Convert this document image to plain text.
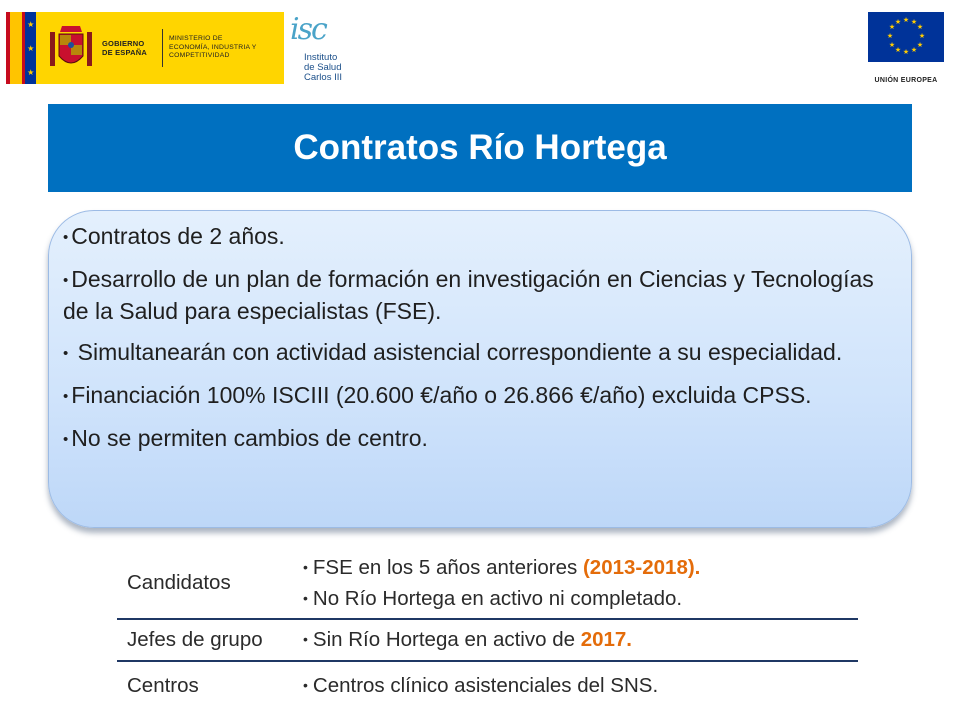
★
★
★
GOBIERNO DE ESPAÑA
MINISTERIO DE ECONOMÍA, INDUSTRIA Y COMPETITIVIDAD
isc
Instituto
de Salud
Carlos III
★ ★
★
★
★
★
★
★
★
★
★
★
UNIÓN EUROPEA
Contratos Río Hortega
• Contratos de 2 años.
• Desarrollo de un plan de formación en investigación en Ciencias y Tecnologías de la Salud para especialistas (FSE).
• Simultanearán con actividad asistencial correspondiente a su especialidad.
• Financiación 100% ISCIII (20.600 €/año o 26.866 €/año) excluida CPSS.
• No se permiten cambios de centro.
Candidatos	• FSE en los 5 años anteriores (2013-2018).
• No Río Hortega en activo ni completado.

Jefes de grupo	• Sin Río Hortega en activo de 2017.
Centros	• Centros clínico asistenciales del SNS.
